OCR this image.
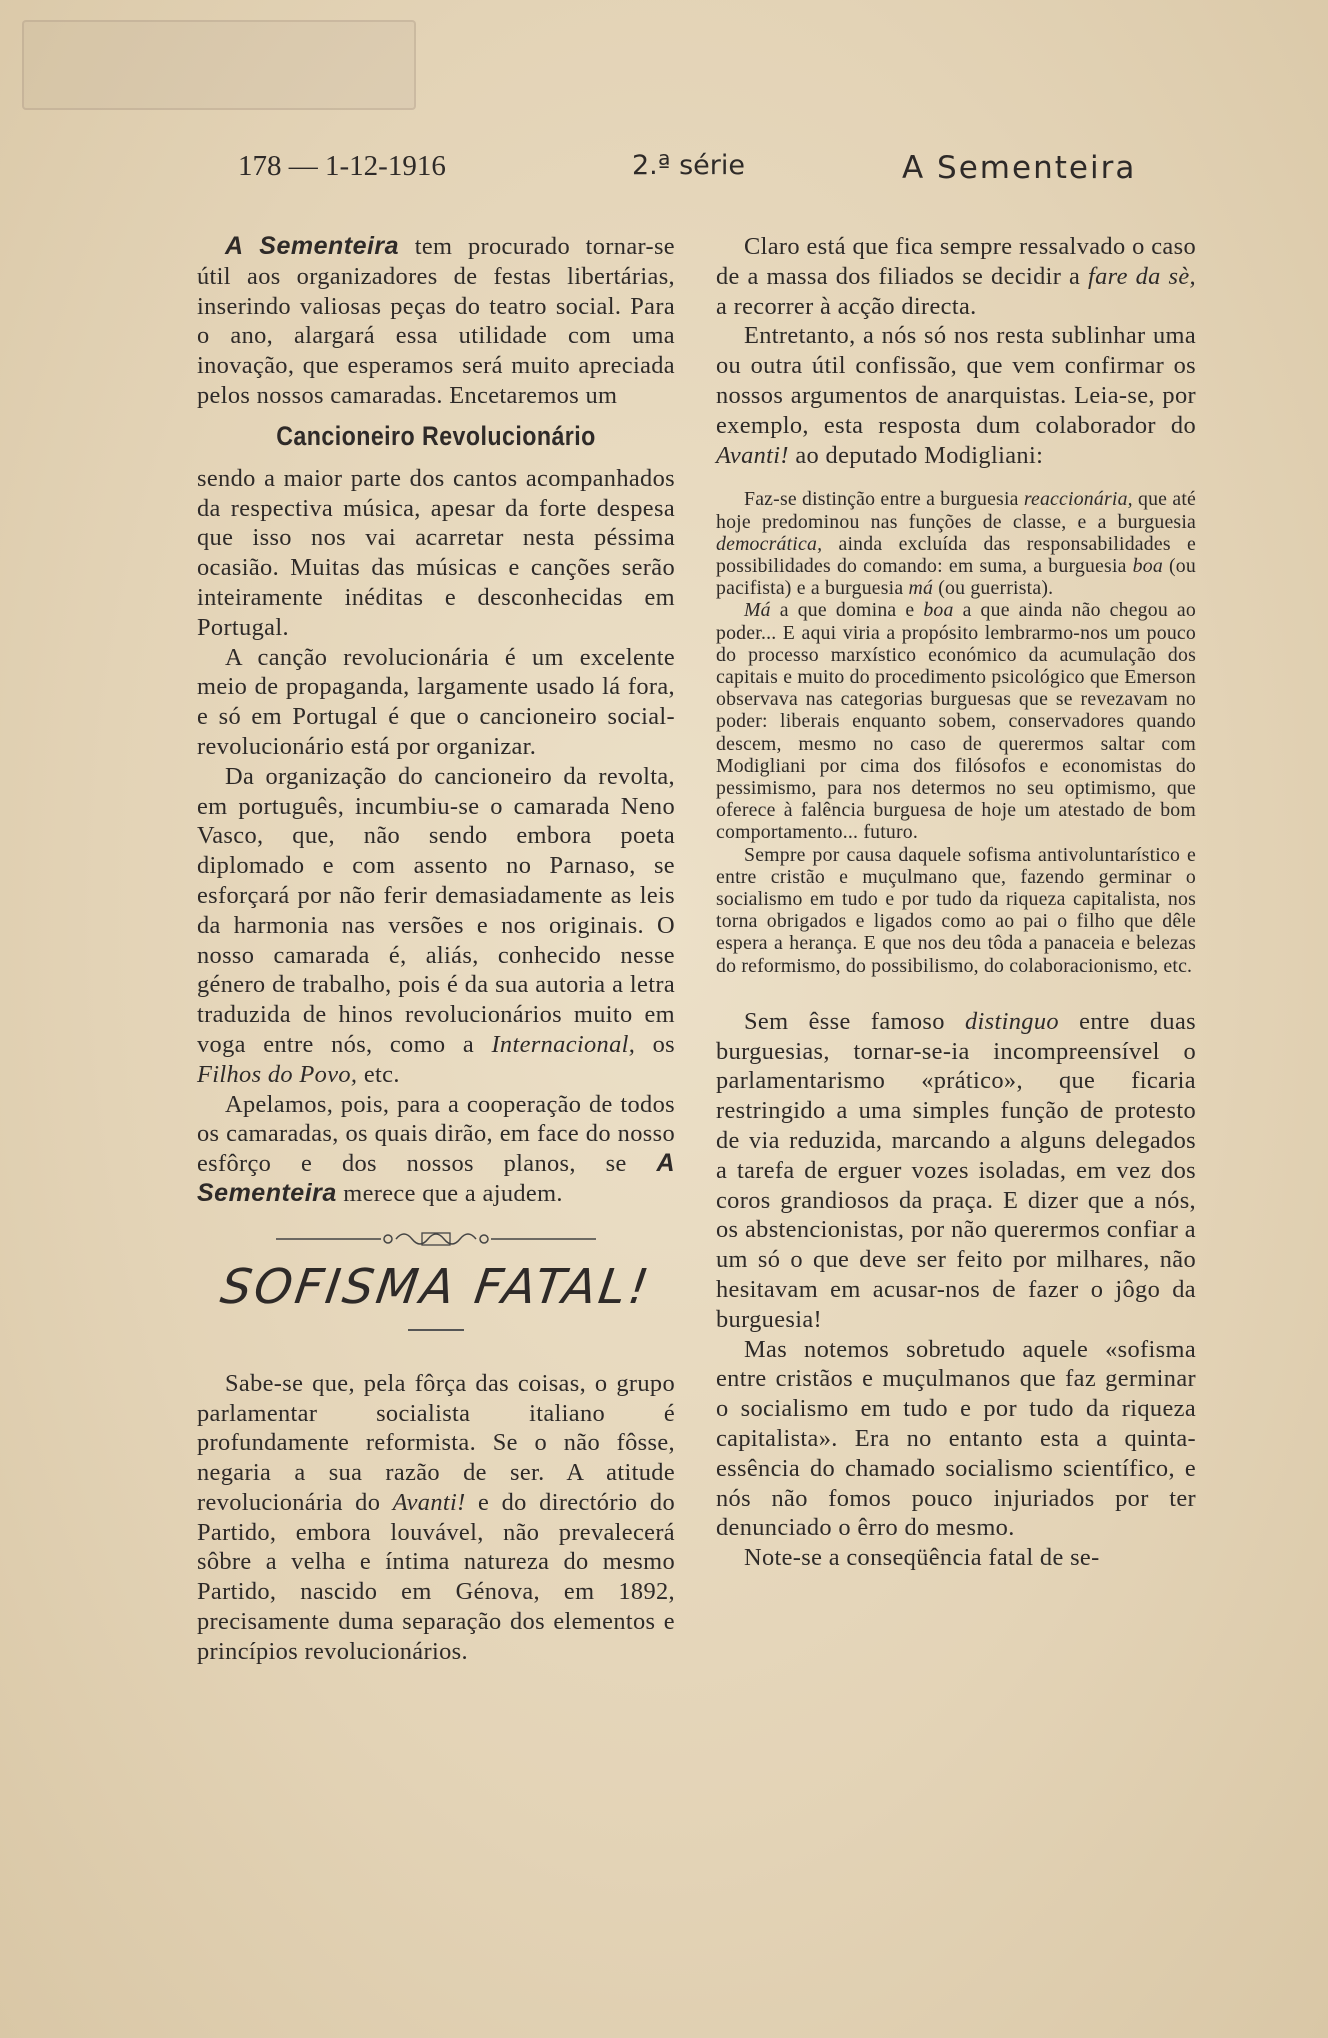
178 — 1-12-1916	2.ª série	A Sementeira

A Sementeira tem procurado tornar-se útil aos organizadores de festas libertárias, inserindo valiosas peças do teatro social. Para o ano, alargará essa utilidade com uma inovação, que esperamos será muito apreciada pelos nossos camaradas. Encetaremos um

Cancioneiro Revolucionário

sendo a maior parte dos cantos acompanhados da respectiva música, apesar da forte despesa que isso nos vai acarretar nesta péssima ocasião. Muitas das músicas e canções serão inteiramente inéditas e desconhecidas em Portugal.

A canção revolucionária é um excelente meio de propaganda, largamente usado lá fora, e só em Portugal é que o cancioneiro social-revolucionário está por organizar.

Da organização do cancioneiro da revolta, em português, incumbiu-se o camarada Neno Vasco, que, não sendo embora poeta diplomado e com assento no Parnaso, se esforçará por não ferir demasiadamente as leis da harmonia nas versões e nos originais. O nosso camarada é, aliás, conhecido nesse género de trabalho, pois é da sua autoria a letra traduzida de hinos revolucionários muito em voga entre nós, como a Internacional, os Filhos do Povo, etc.

Apelamos, pois, para a cooperação de todos os camaradas, os quais dirão, em face do nosso esfôrço e dos nossos planos, se A Sementeira merece que a ajudem.

SOFISMA FATAL!

Sabe-se que, pela fôrça das coisas, o grupo parlamentar socialista italiano é profundamente reformista. Se o não fôsse, negaria a sua razão de ser. A atitude revolucionária do Avanti! e do directório do Partido, embora louvável, não prevalecerá sôbre a velha e íntima natureza do mesmo Partido, nascido em Génova, em 1892, precisamente duma separação dos elementos e princípios revolucionários.

Claro está que fica sempre ressalvado o caso de a massa dos filiados se decidir a fare da sè, a recorrer à acção directa.

Entretanto, a nós só nos resta sublinhar uma ou outra útil confissão, que vem confirmar os nossos argumentos de anarquistas. Leia-se, por exemplo, esta resposta dum colaborador do Avanti! ao deputado Modigliani:

Faz-se distinção entre a burguesia reaccionária, que até hoje predominou nas funções de classe, e a burguesia democrática, ainda excluída das responsabilidades e possibilidades do comando: em suma, a burguesia boa (ou pacifista) e a burguesia má (ou guerrista).

Má a que domina e boa a que ainda não chegou ao poder... E aqui viria a propósito lembrarmo-nos um pouco do processo marxístico económico da acumulação dos capitais e muito do procedimento psicológico que Emerson observava nas categorias burguesas que se revezavam no poder: liberais enquanto sobem, conservadores quando descem, mesmo no caso de querermos saltar com Modigliani por cima dos filósofos e economistas do pessimismo, para nos determos no seu optimismo, que oferece à falência burguesa de hoje um atestado de bom comportamento... futuro.

Sempre por causa daquele sofisma antivoluntarístico e entre cristão e muçulmano que, fazendo germinar o socialismo em tudo e por tudo da riqueza capitalista, nos torna obrigados e ligados como ao pai o filho que dêle espera a herança. E que nos deu tôda a panaceia e belezas do reformismo, do possibilismo, do colaboracionismo, etc.

Sem êsse famoso distinguo entre duas burguesias, tornar-se-ia incompreensível o parlamentarismo «prático», que ficaria restringido a uma simples função de protesto de via reduzida, marcando a alguns delegados a tarefa de erguer vozes isoladas, em vez dos coros grandiosos da praça. E dizer que a nós, os abstencionistas, por não querermos confiar a um só o que deve ser feito por milhares, não hesitavam em acusar-nos de fazer o jôgo da burguesia!

Mas notemos sobretudo aquele «sofisma entre cristãos e muçulmanos que faz germinar o socialismo em tudo e por tudo da riqueza capitalista». Era no entanto esta a quinta-essência do chamado socialismo scientífico, e nós não fomos pouco injuriados por ter denunciado o êrro do mesmo.

Note-se a conseqüência fatal de se-
